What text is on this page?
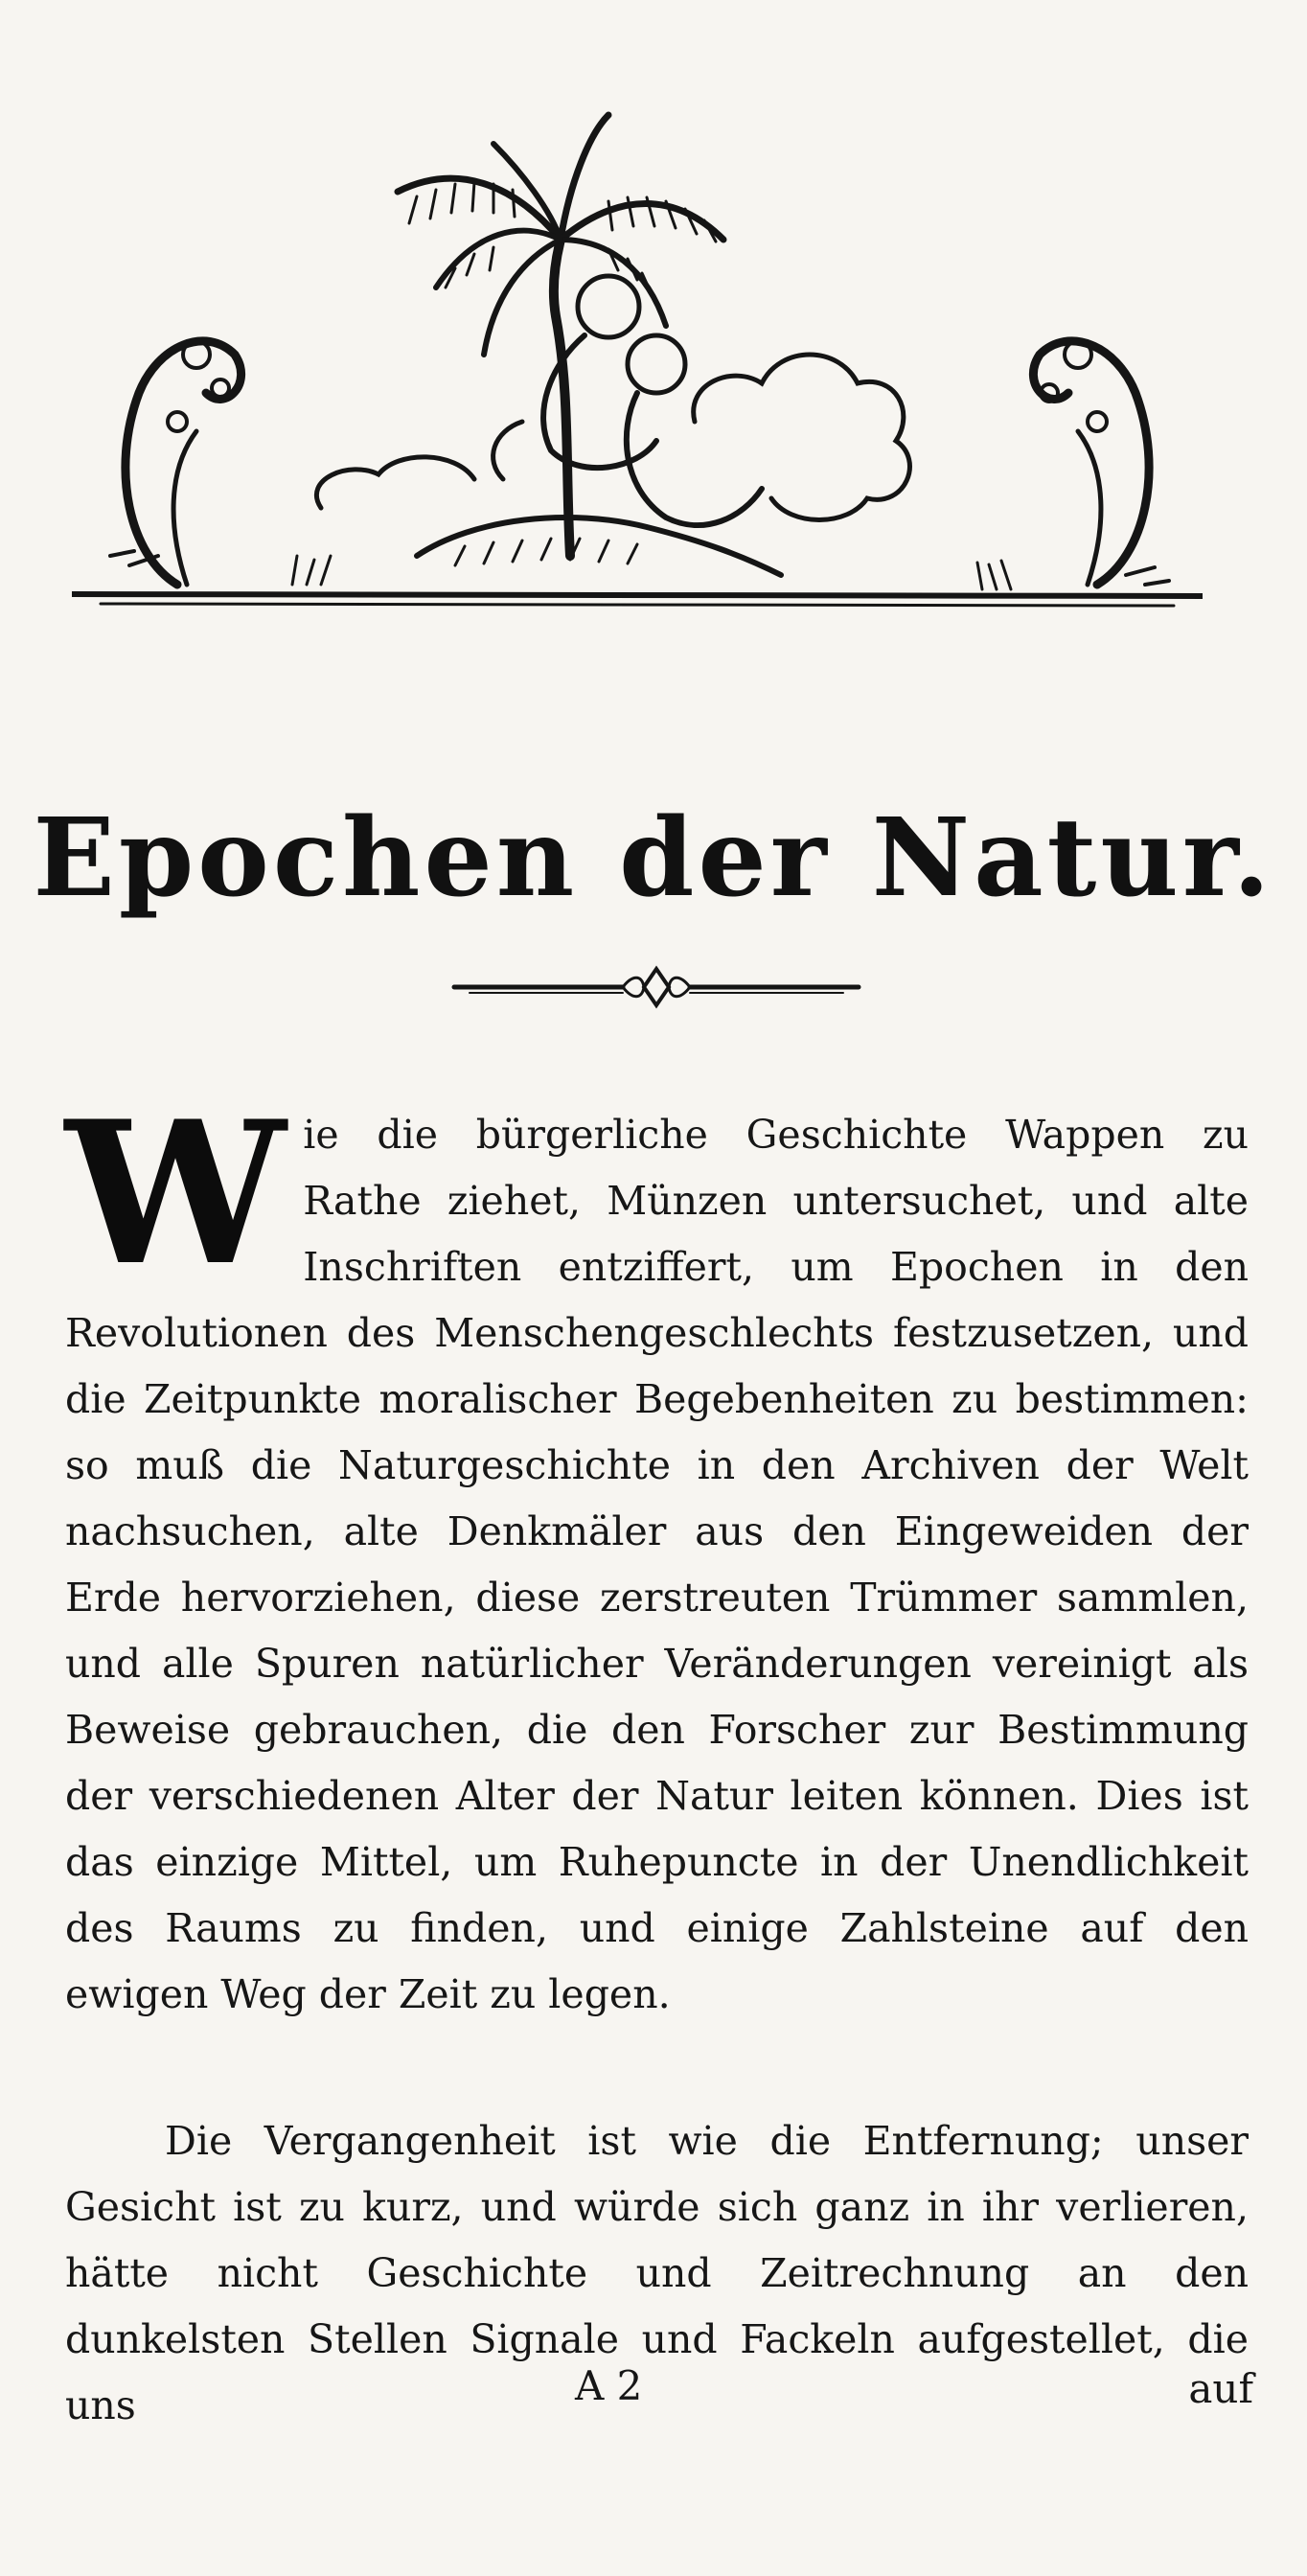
Epochen der Natur.
W ie die bürgerliche Geschichte Wappen zu Rathe ziehet, Münzen untersuchet, und alte Inschriften entziffert, um Epochen in den Revolutionen des Menschengeschlechts festzusetzen, und die Zeitpunkte moralischer Begebenheiten zu bestimmen: so muß die Naturgeschichte in den Archiven der Welt nachsuchen, alte Denkmäler aus den Eingeweiden der Erde hervorziehen, diese zerstreuten Trümmer sammlen, und alle Spuren natürlicher Veränderungen vereinigt als Beweise gebrauchen, die den Forscher zur Bestimmung der verschiedenen Alter der Natur leiten können. Dies ist das einzige Mittel, um Ruhepuncte in der Unendlichkeit des Raums zu finden, und einige Zahlsteine auf den ewigen Weg der Zeit zu legen.
Die Vergangenheit ist wie die Entfernung; unser Gesicht ist zu kurz, und würde sich ganz in ihr verlieren, hätte nicht Geschichte und Zeitrechnung an den dunkelsten Stellen Signale und Fackeln aufgestellet, die uns	A 2	auf
